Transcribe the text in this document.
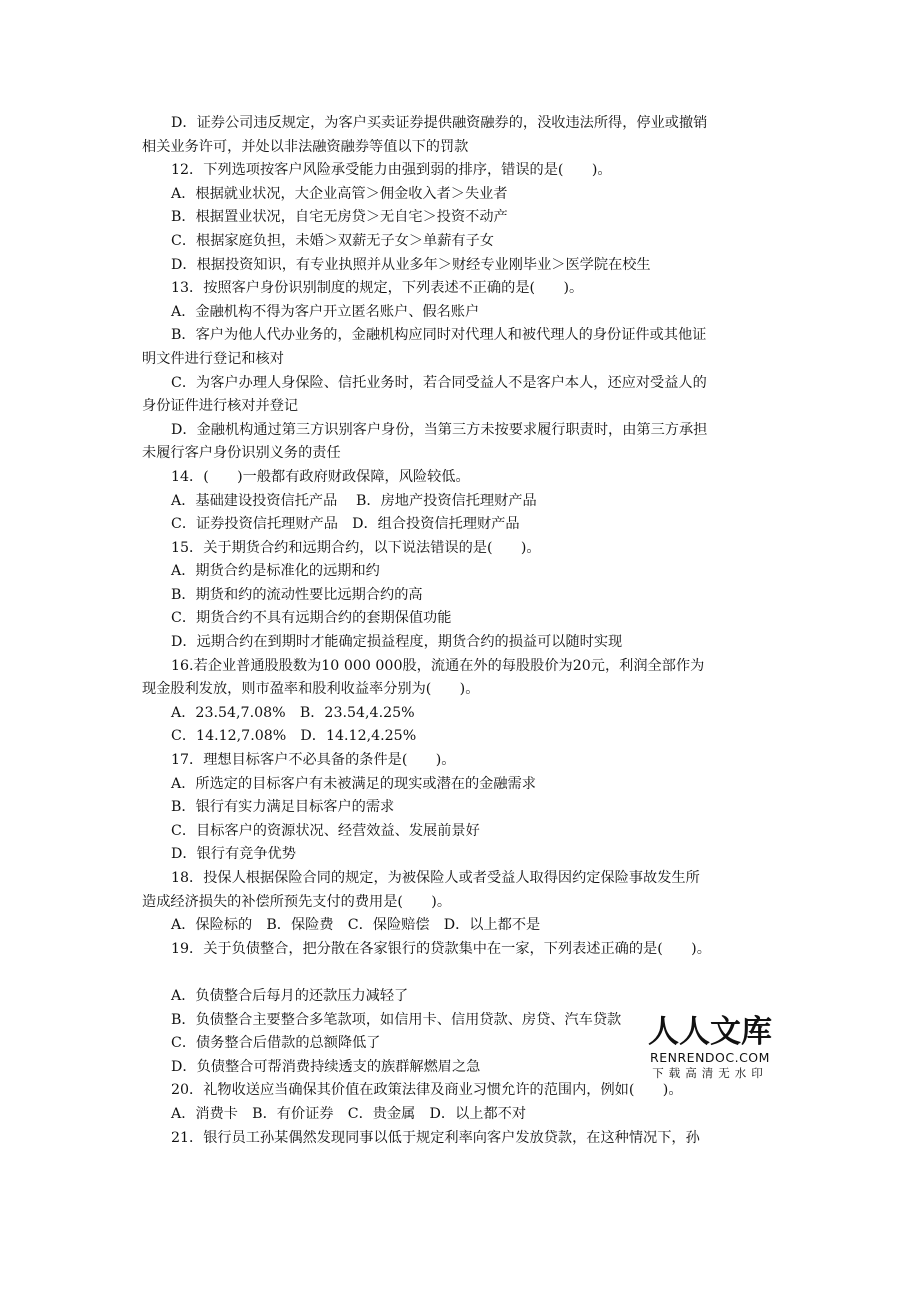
D．证券公司违反规定，为客户买卖证券提供融资融券的，没收违法所得，停业或撤销
相关业务许可，并处以非法融资融券等值以下的罚款
12．下列选项按客户风险承受能力由强到弱的排序，错误的是(　　)。
A．根据就业状况，大企业高管＞佣金收入者＞失业者
B．根据置业状况，自宅无房贷＞无自宅＞投资不动产
C．根据家庭负担，未婚＞双薪无子女＞单薪有子女
D．根据投资知识，有专业执照并从业多年＞财经专业刚毕业＞医学院在校生
13．按照客户身份识别制度的规定，下列表述不正确的是(　　)。
A．金融机构不得为客户开立匿名账户、假名账户
B．客户为他人代办业务的，金融机构应同时对代理人和被代理人的身份证件或其他证
明文件进行登记和核对
C．为客户办理人身保险、信托业务时，若合同受益人不是客户本人，还应对受益人的
身份证件进行核对并登记
D．金融机构通过第三方识别客户身份，当第三方未按要求履行职责时，由第三方承担
未履行客户身份识别义务的责任
14．(　　)一般都有政府财政保障，风险较低。
A．基础建设投资信托产品　 B．房地产投资信托理财产品
C．证券投资信托理财产品　D．组合投资信托理财产品
15．关于期货合约和远期合约，以下说法错误的是(　　)。
A．期货合约是标准化的远期和约
B．期货和约的流动性要比远期合约的高
C．期货合约不具有远期合约的套期保值功能
D．远期合约在到期时才能确定损益程度，期货合约的损益可以随时实现
16.若企业普通股股数为10 000 000股，流通在外的每股股价为20元，利润全部作为
现金股利发放，则市盈率和股利收益率分别为(　　)。
A．23.54,7.08%　B．23.54,4.25%
C．14.12,7.08%　D．14.12,4.25%
17．理想目标客户不必具备的条件是(　　)。
A．所选定的目标客户有未被满足的现实或潜在的金融需求
B．银行有实力满足目标客户的需求
C．目标客户的资源状况、经营效益、发展前景好
D．银行有竞争优势
18．投保人根据保险合同的规定，为被保险人或者受益人取得因约定保险事故发生所
造成经济损失的补偿所预先支付的费用是(　　)。
A．保险标的　B．保险费　C．保险赔偿　D．以上都不是
19．关于负债整合，把分散在各家银行的贷款集中在一家，下列表述正确的是(　　)。
A．负债整合后每月的还款压力减轻了
B．负债整合主要整合多笔款项，如信用卡、信用贷款、房贷、汽车贷款
C．债务整合后借款的总额降低了
D．负债整合可帮消费持续透支的族群解燃眉之急
20．礼物收送应当确保其价值在政策法律及商业习惯允许的范围内，例如(　　)。
A．消费卡　B．有价证券　C．贵金属　D．以上都不对
21．银行员工孙某偶然发现同事以低于规定利率向客户发放贷款，在这种情况下，孙
人人文库
RENRENDOC.COM
下载高清无水印
